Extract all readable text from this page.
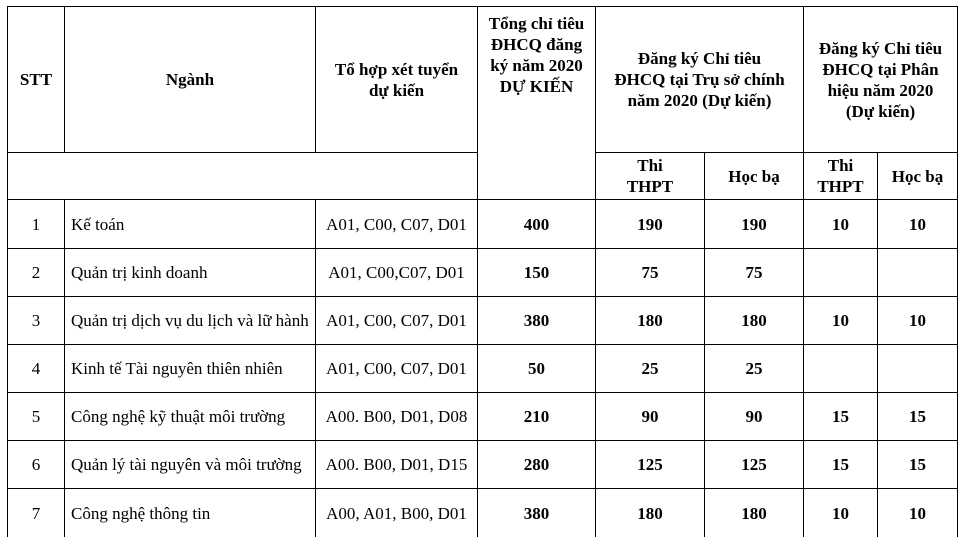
STT	Ngành	Tổ hợp xét tuyển dự kiến	Tổng chỉ tiêu ĐHCQ đăng ký năm 2020 DỰ KIẾN	Đăng ký Chỉ tiêu ĐHCQ tại Trụ sở chính năm 2020 (Dự kiến)		Đăng ký Chỉ tiêu ĐHCQ tại Phân hiệu năm 2020 (Dự kiến)	
				Thi THPT	Học bạ	Thi THPT	Học bạ
1	Kế toán	A01, C00, C07, D01	400	190	190	10	10
2	Quản trị kinh doanh	A01, C00,C07, D01	150	75	75		
3	Quản trị dịch vụ du lịch và lữ hành	A01, C00, C07, D01	380	180	180	10	10
4	Kinh tế Tài nguyên thiên nhiên	A01, C00, C07, D01	50	25	25		
5	Công nghệ kỹ thuật môi trường	A00. B00, D01, D08	210	90	90	15	15
6	Quản lý tài nguyên và môi trường	A00. B00, D01, D15	280	125	125	15	15
7	Công nghệ thông tin	A00, A01, B00, D01	380	180	180	10	10
